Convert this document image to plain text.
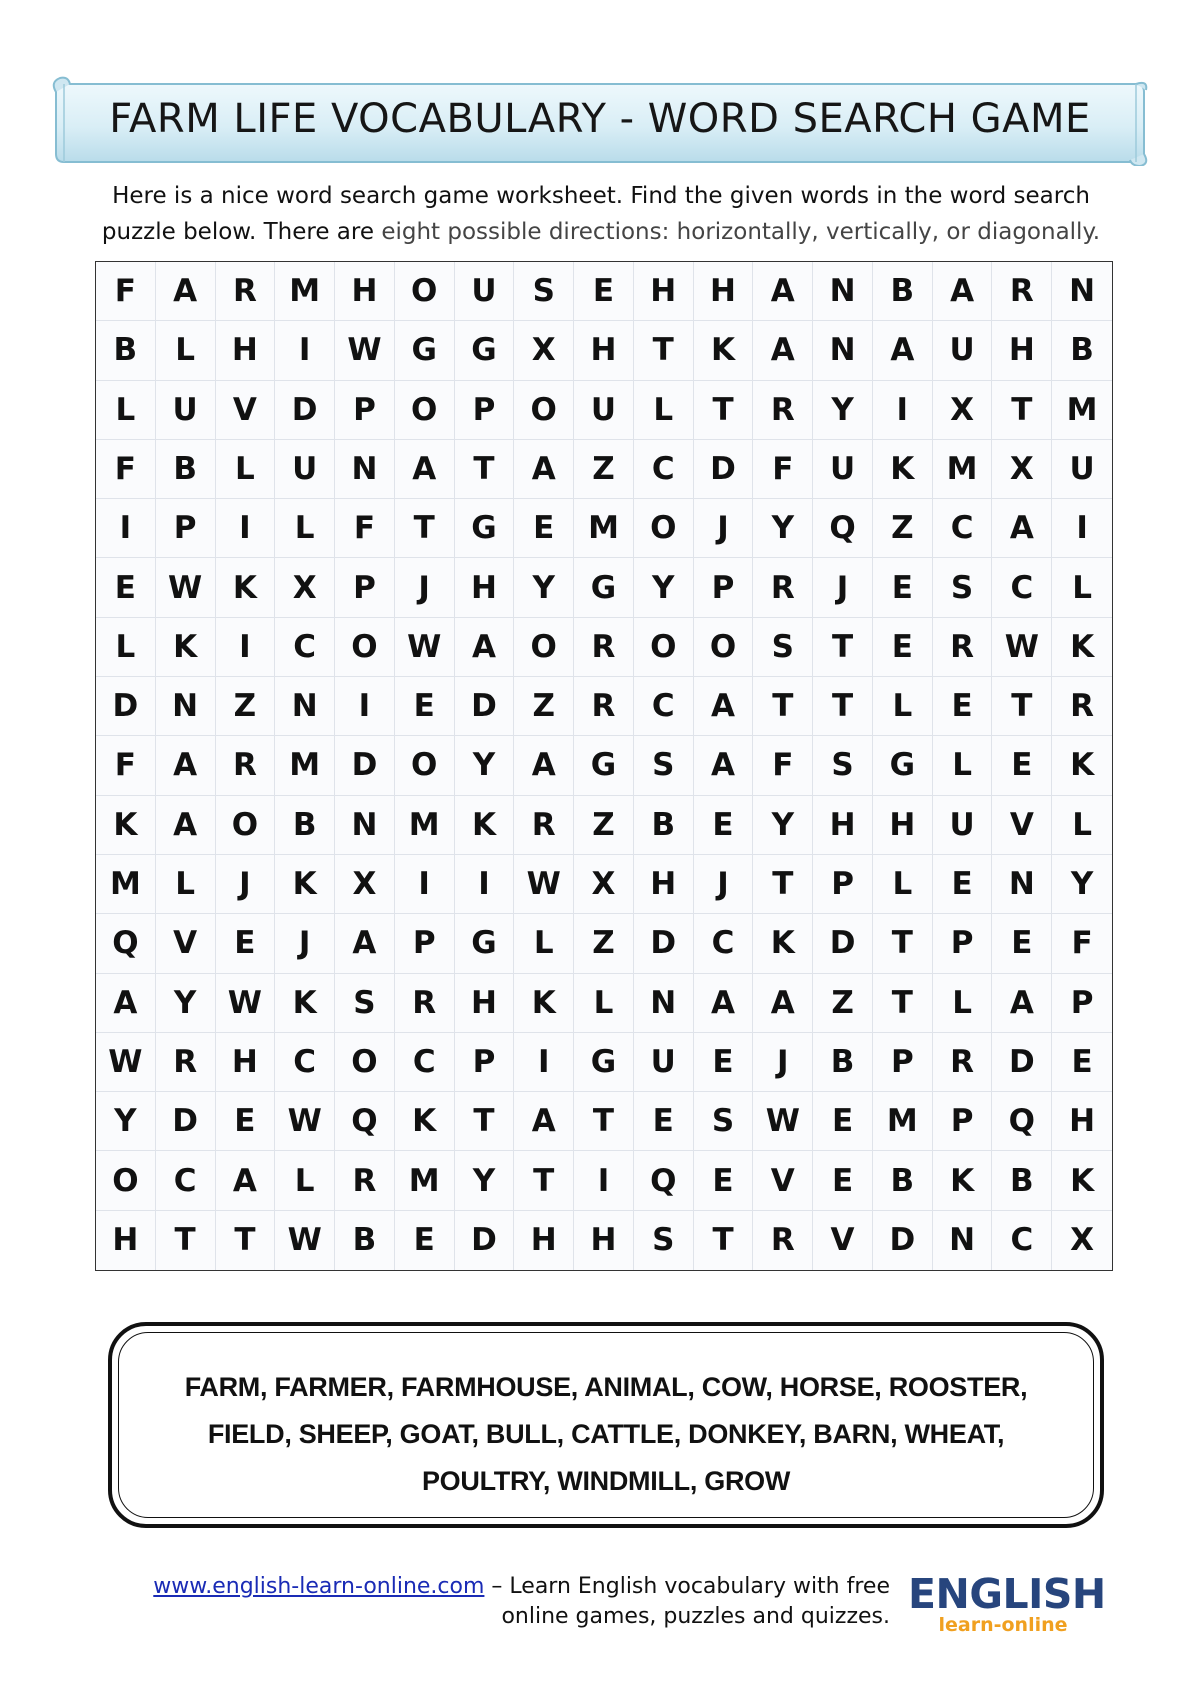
FARM LIFE VOCABULARY - WORD SEARCH GAME
Here is a nice word search game worksheet. Find the given words in the word search
puzzle below. There are eight possible directions: horizontally, vertically, or diagonally.
F	A	R	M	H	O	U	S	E	H	H	A	N	B	A	R	N
B	L	H	I	W G	G	X	H	T	K	A	N	A	U	H	B
L	U	V	D	P	O	P	O	U	L	T	R	Y	I	X	T	M
F	B	L	U	N	A	T	A	Z	C	D	F	U	K	M	X	U
I	P	I	L	F	T	G	E	M	O	J	Y	Q	Z	C	A	I
E	W K	X	P	J	H	Y	G	Y	P	R	J	E	S	C	L
L	K	I	C	O W A	O	R	O	O	S	T	E	R W	K
D	N	Z	N	I	E	D	Z	R	C	A	T	T	L	E	T	R
F	A	R	M	D	O	Y	A	G	S	A	F	S	G	L	E	K
K	A	O	B	N	M	K	R	Z	B	E	Y	H	H	U	V	L
M	L	J	K	X	I	I	W X	H	J	T	P	L	E	N	Y
Q	V	E	J	A	P	G	L	Z	D	C	K	D	T	P	E	F
A	Y	W K	S	R	H	K	L	N	A	A	Z	T	L	A	P
W R	H	C	O	C	P	I	G	U	E	J	B	P	R	D	E
Y	D	E	W Q	K	T	A	T	E	S	W	E	M	P	Q	H
O	C	A	L	R	M	Y	T	I	Q	E	V	E	B	K	B	K
H	T	T	W B	E	D	H	H	S	T	R	V	D	N	C	X
FARM, FARMER, FARMHOUSE, ANIMAL, COW, HORSE, ROOSTER,
FIELD, SHEEP, GOAT, BULL, CATTLE, DONKEY, BARN, WHEAT,
POULTRY, WINDMILL, GROW
www.english-learn-online.com – Learn English vocabulary with free
online games, puzzles and quizzes. ENGLISH
learn-online
